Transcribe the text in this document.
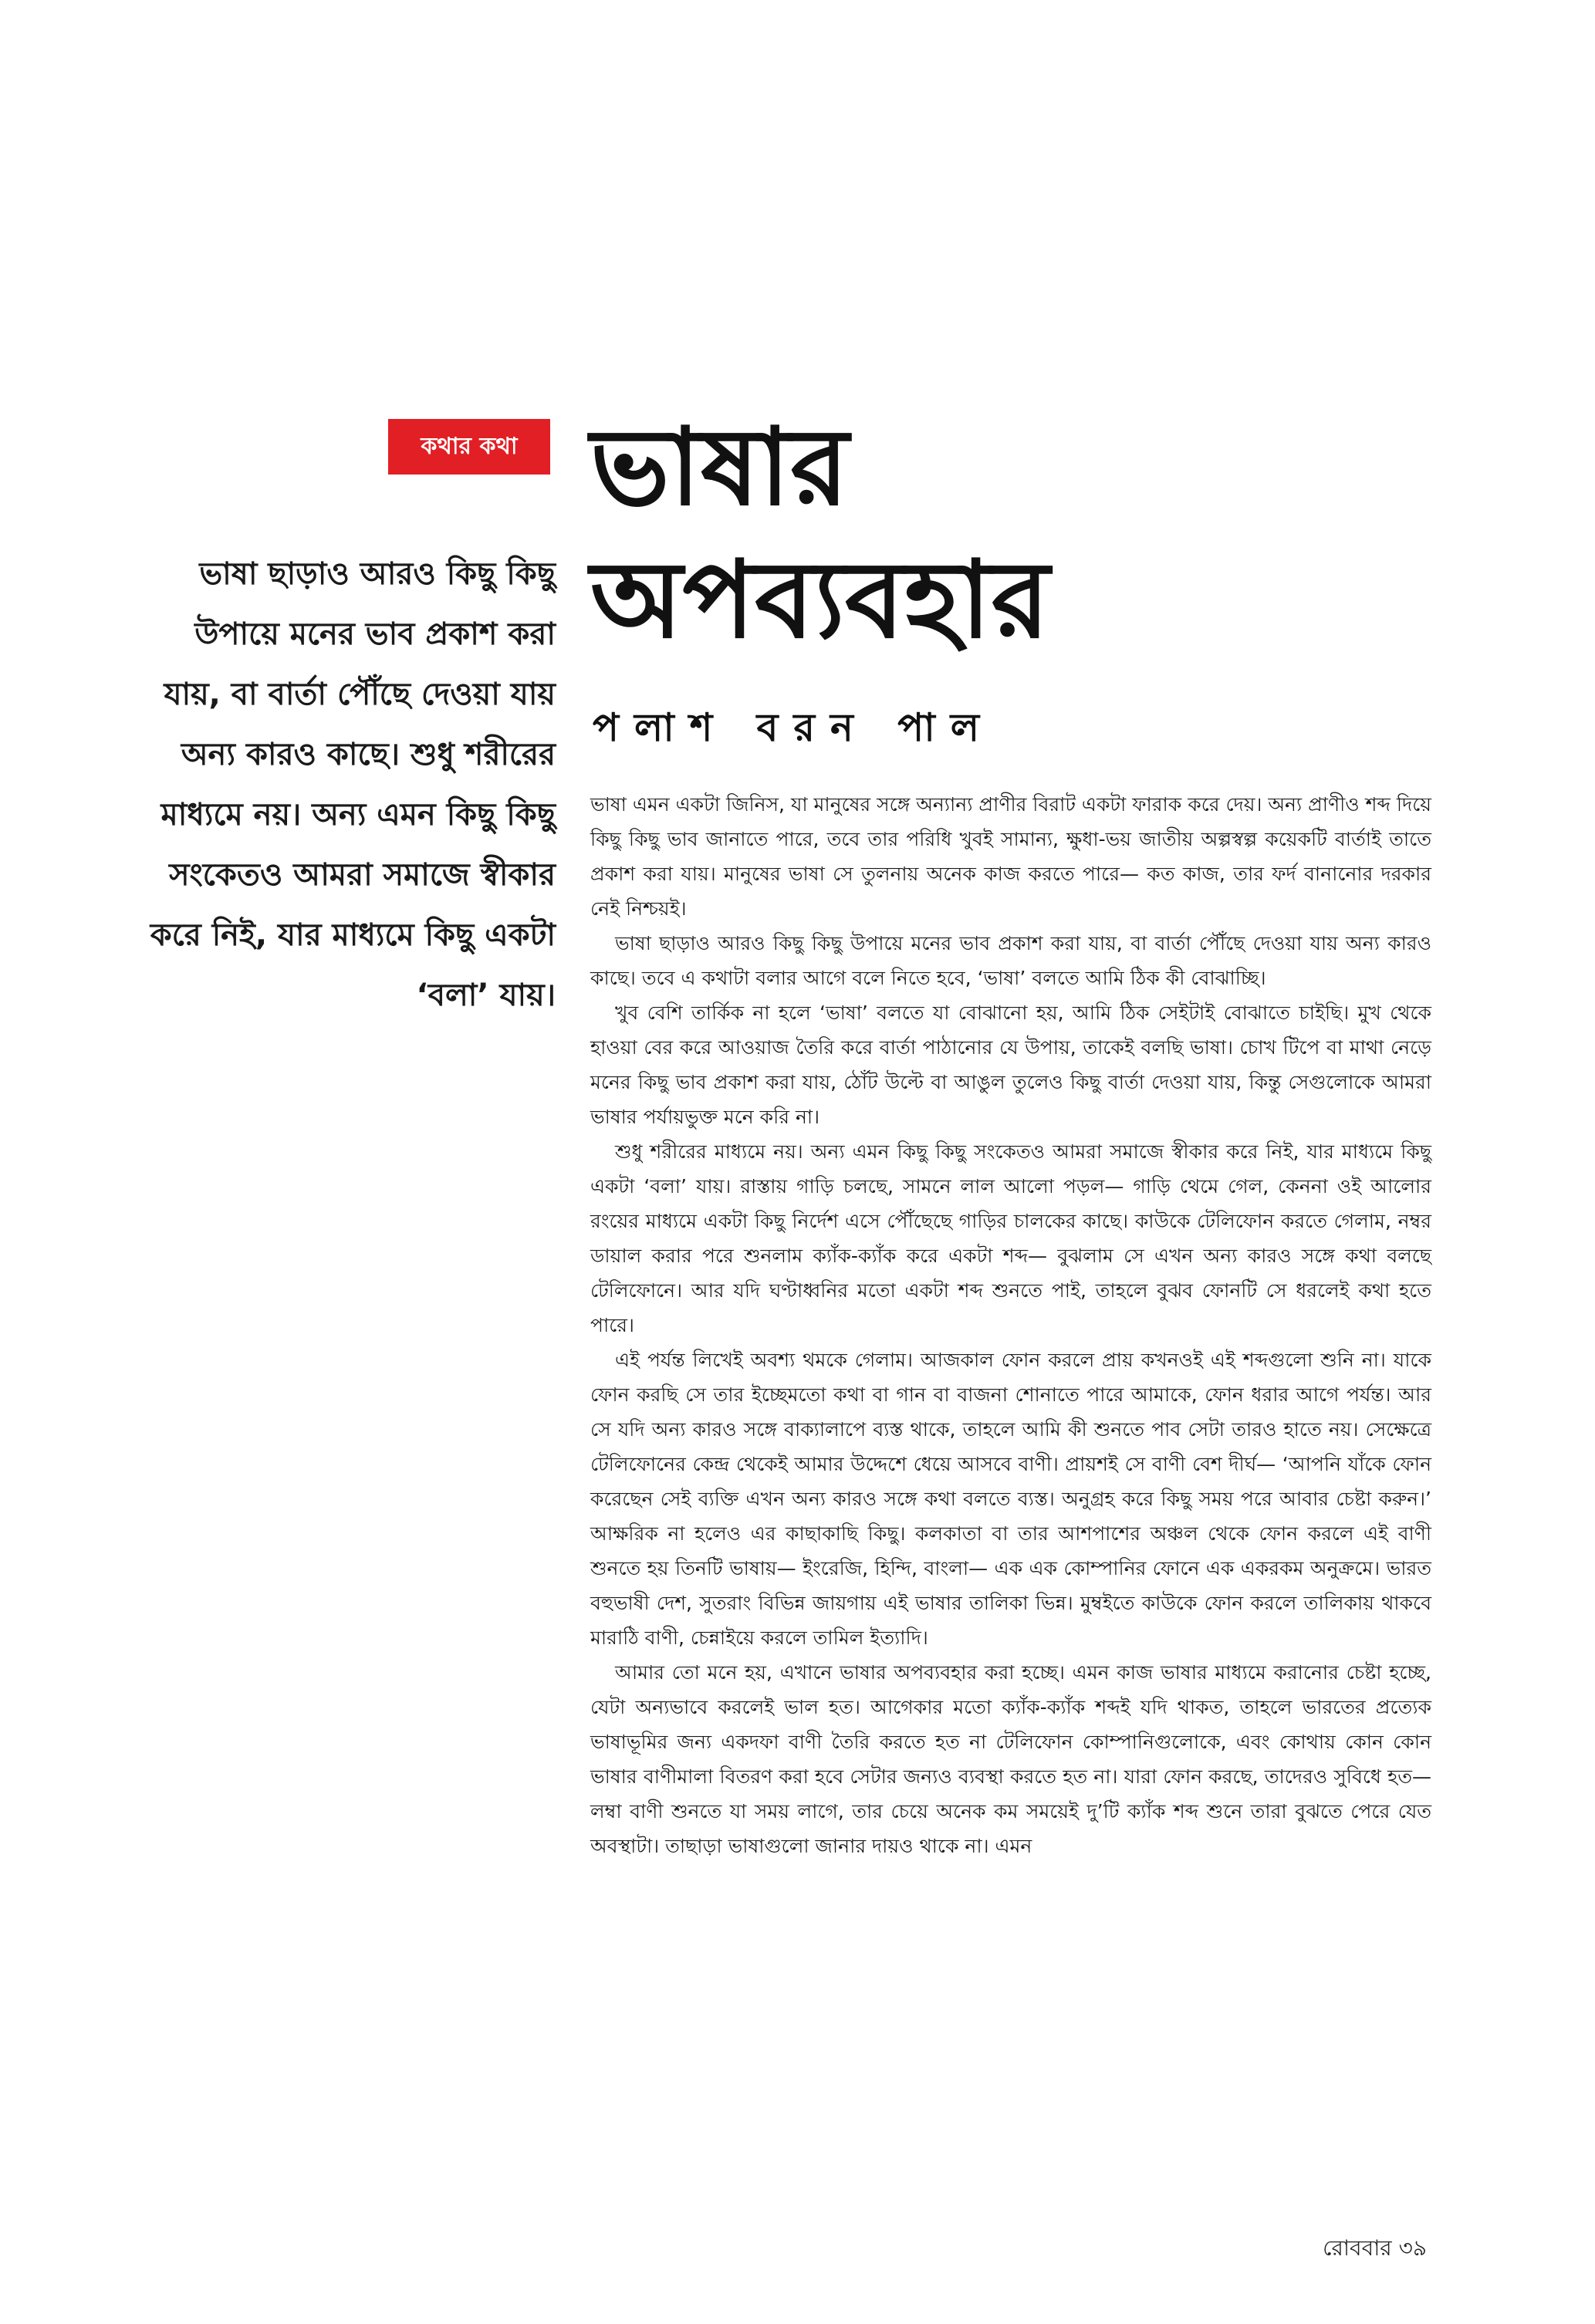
কথার কথা ভাষার
অপব্যবহার
পলাশ বরন পাল
ভাষা ছাড়াও আরও কিছু কিছু উপায়ে মনের ভাব প্রকাশ করা যায়, বা বার্তা পৌঁছে দেওয়া যায় অন্য কারও কাছে। শুধু শরীরের মাধ্যমে নয়। অন্য এমন কিছু কিছু সংকেতও আমরা সমাজে স্বীকার করে নিই, যার মাধ্যমে কিছু একটা ‘বলা’ যায়।

ভাষা এমন একটা জিনিস, যা মানুষের সঙ্গে অন্যান্য প্রাণীর বিরাট একটা ফারাক করে দেয়। অন্য প্রাণীও শব্দ দিয়ে কিছু কিছু ভাব জানাতে পারে, তবে তার পরিধি খুবই সামান্য, ক্ষুধা-ভয় জাতীয় অল্পস্বল্প কয়েকটি বার্তাই তাতে প্রকাশ করা যায়। মানুষের ভাষা সে তুলনায় অনেক কাজ করতে পারে— কত কাজ, তার ফর্দ বানানোর দরকার নেই নিশ্চয়ই।

ভাষা ছাড়াও আরও কিছু কিছু উপায়ে মনের ভাব প্রকাশ করা যায়, বা বার্তা পৌঁছে দেওয়া যায় অন্য কারও কাছে। তবে এ কথাটা বলার আগে বলে নিতে হবে, ‘ভাষা’ বলতে আমি ঠিক কী বোঝাচ্ছি।

খুব বেশি তার্কিক না হলে ‘ভাষা’ বলতে যা বোঝানো হয়, আমি ঠিক সেইটাই বোঝাতে চাইছি। মুখ থেকে হাওয়া বের করে আওয়াজ তৈরি করে বার্তা পাঠানোর যে উপায়, তাকেই বলছি ভাষা। চোখ টিপে বা মাথা নেড়ে মনের কিছু ভাব প্রকাশ করা যায়, ঠোঁট উল্টে বা আঙুল তুলেও কিছু বার্তা দেওয়া যায়, কিন্তু সেগুলোকে আমরা ভাষার পর্যায়ভুক্ত মনে করি না।

শুধু শরীরের মাধ্যমে নয়। অন্য এমন কিছু কিছু সংকেতও আমরা সমাজে স্বীকার করে নিই, যার মাধ্যমে কিছু একটা ‘বলা’ যায়। রাস্তায় গাড়ি চলছে, সামনে লাল আলো পড়ল— গাড়ি থেমে গেল, কেননা ওই আলোর রংয়ের মাধ্যমে একটা কিছু নির্দেশ এসে পৌঁছেছে গাড়ির চালকের কাছে। কাউকে টেলিফোন করতে গেলাম, নম্বর ডায়াল করার পরে শুনলাম ক্যাঁক-ক্যাঁক করে একটা শব্দ— বুঝলাম সে এখন অন্য কারও সঙ্গে কথা বলছে টেলিফোনে। আর যদি ঘণ্টাধ্বনির মতো একটা শব্দ শুনতে পাই, তাহলে বুঝব ফোনটি সে ধরলেই কথা হতে পারে।

এই পর্যন্ত লিখেই অবশ্য থমকে গেলাম। আজকাল ফোন করলে প্রায় কখনওই এই শব্দগুলো শুনি না। যাকে ফোন করছি সে তার ইচ্ছেমতো কথা বা গান বা বাজনা শোনাতে পারে আমাকে, ফোন ধরার আগে পর্যন্ত। আর সে যদি অন্য কারও সঙ্গে বাক্যালাপে ব্যস্ত থাকে, তাহলে আমি কী শুনতে পাব সেটা তারও হাতে নয়। সেক্ষেত্রে টেলিফোনের কেন্দ্র থেকেই আমার উদ্দেশে ধেয়ে আসবে বাণী। প্রায়শই সে বাণী বেশ দীর্ঘ— ‘আপনি যাঁকে ফোন করেছেন সেই ব্যক্তি এখন অন্য কারও সঙ্গে কথা বলতে ব্যস্ত। অনুগ্রহ করে কিছু সময় পরে আবার চেষ্টা করুন।’ আক্ষরিক না হলেও এর কাছাকাছি কিছু। কলকাতা বা তার আশপাশের অঞ্চল থেকে ফোন করলে এই বাণী শুনতে হয় তিনটি ভাষায়— ইংরেজি, হিন্দি, বাংলা— এক এক কোম্পানির ফোনে এক একরকম অনুক্রমে। ভারত বহুভাষী দেশ, সুতরাং বিভিন্ন জায়গায় এই ভাষার তালিকা ভিন্ন। মুম্বইতে কাউকে ফোন করলে তালিকায় থাকবে মারাঠি বাণী, চেন্নাইয়ে করলে তামিল ইত্যাদি।

আমার তো মনে হয়, এখানে ভাষার অপব্যবহার করা হচ্ছে। এমন কাজ ভাষার মাধ্যমে করানোর চেষ্টা হচ্ছে, যেটা অন্যভাবে করলেই ভাল হত। আগেকার মতো ক্যাঁক-ক্যাঁক শব্দই যদি থাকত, তাহলে ভারতের প্রত্যেক ভাষাভূমির জন্য একদফা বাণী তৈরি করতে হত না টেলিফোন কোম্পানিগুলোকে, এবং কোথায় কোন কোন ভাষার বাণীমালা বিতরণ করা হবে সেটার জন্যও ব্যবস্থা করতে হত না। যারা ফোন করছে, তাদেরও সুবিধে হত— লম্বা বাণী শুনতে যা সময় লাগে, তার চেয়ে অনেক কম সময়েই দু’টি ক্যাঁক শব্দ শুনে তারা বুঝতে পেরে যেত অবস্থাটা। তাছাড়া ভাষাগুলো জানার দায়ও থাকে না। এমন

রোববার ৩৯
